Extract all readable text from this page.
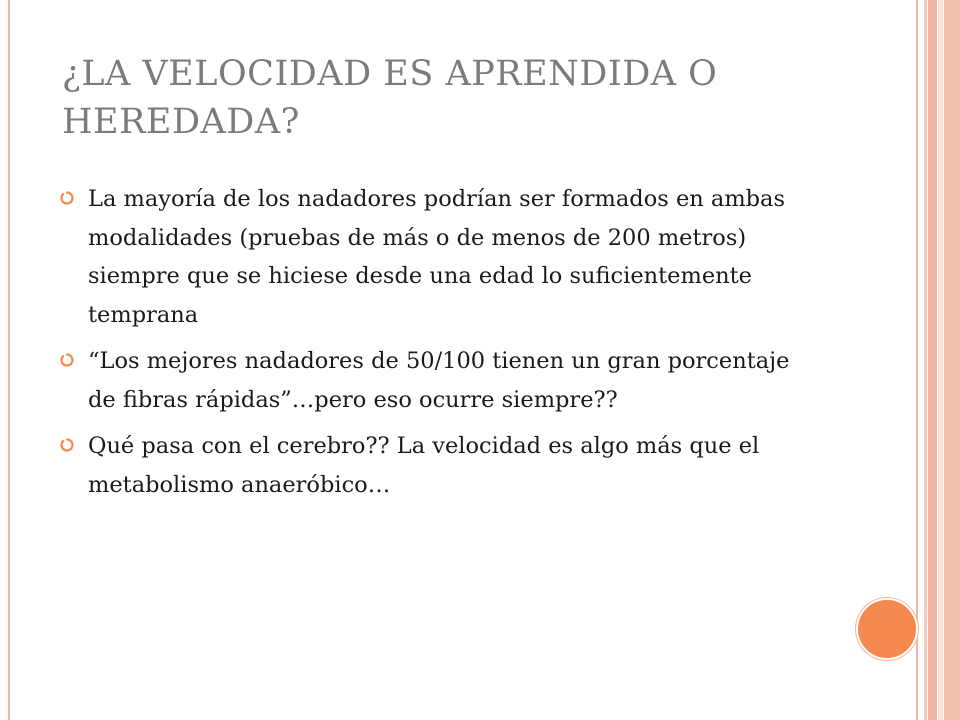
¿LA VELOCIDAD ES APRENDIDA O HEREDADA?
La mayoría de los nadadores podrían ser formados en ambas modalidades (pruebas de más o de menos de 200 metros) siempre que se hiciese desde una edad lo suficientemente temprana
“Los mejores nadadores de 50/100 tienen un gran porcentaje de fibras rápidas”…pero eso ocurre siempre??
Qué pasa con el cerebro?? La velocidad es algo más que el metabolismo anaeróbico…
